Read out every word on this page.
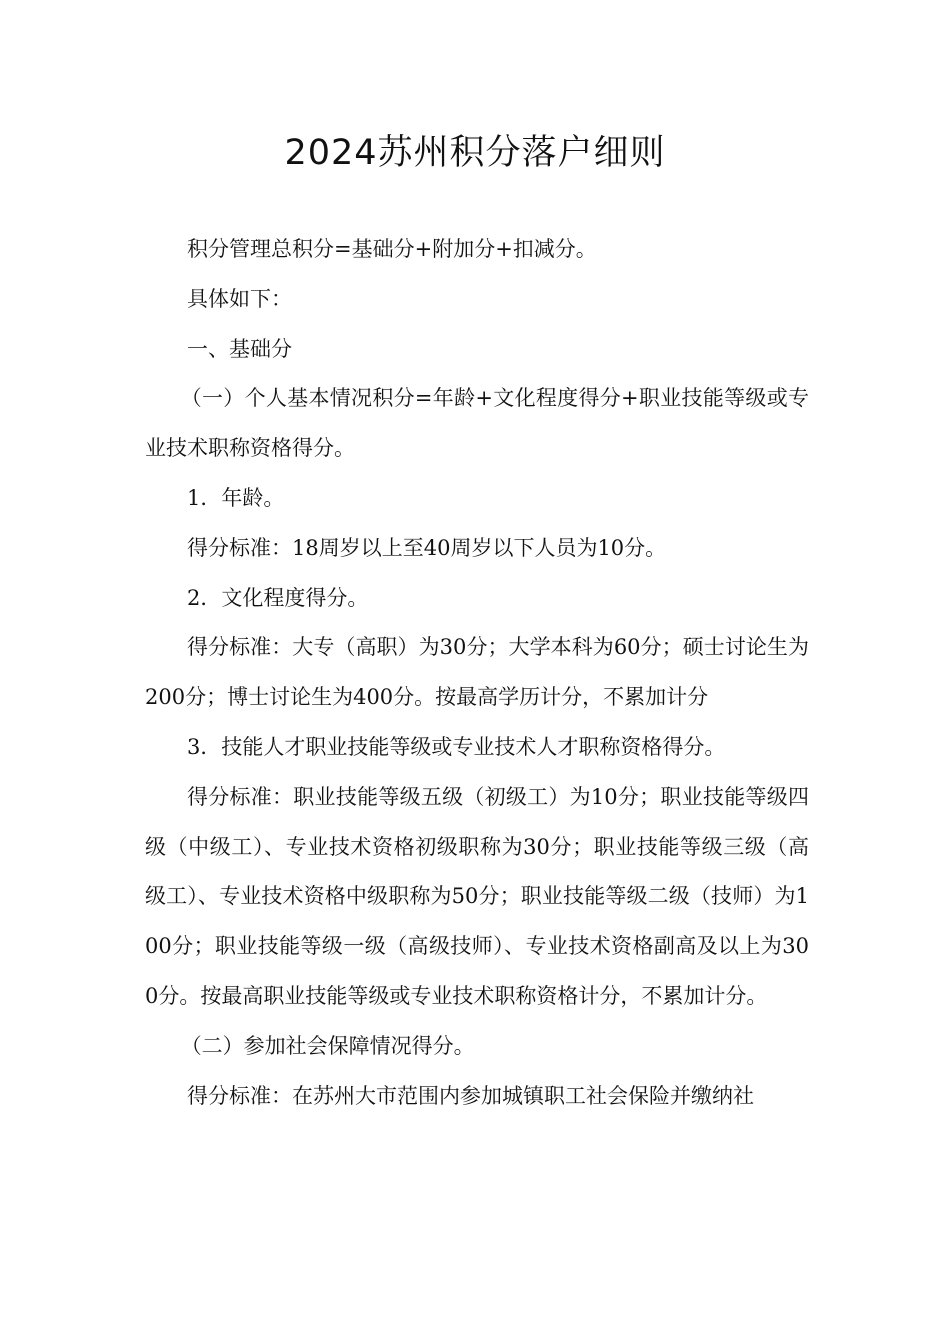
2024苏州积分落户细则

积分管理总积分=基础分+附加分+扣减分。

具体如下：

一、基础分

（一）个人基本情况积分=年龄+文化程度得分+职业技能等级或专业技术职称资格得分。

1．年龄。

得分标准：18周岁以上至40周岁以下人员为10分。

2．文化程度得分。

得分标准：大专（高职）为30分；大学本科为60分；硕士讨论生为200分；博士讨论生为400分。按最高学历计分，不累加计分

3．技能人才职业技能等级或专业技术人才职称资格得分。

得分标准：职业技能等级五级（初级工）为10分；职业技能等级四级（中级工）、专业技术资格初级职称为30分；职业技能等级三级（高级工）、专业技术资格中级职称为50分；职业技能等级二级（技师）为100分；职业技能等级一级（高级技师）、专业技术资格副高及以上为300分。按最高职业技能等级或专业技术职称资格计分，不累加计分。

（二）参加社会保障情况得分。

得分标准：在苏州大市范围内参加城镇职工社会保险并缴纳社
